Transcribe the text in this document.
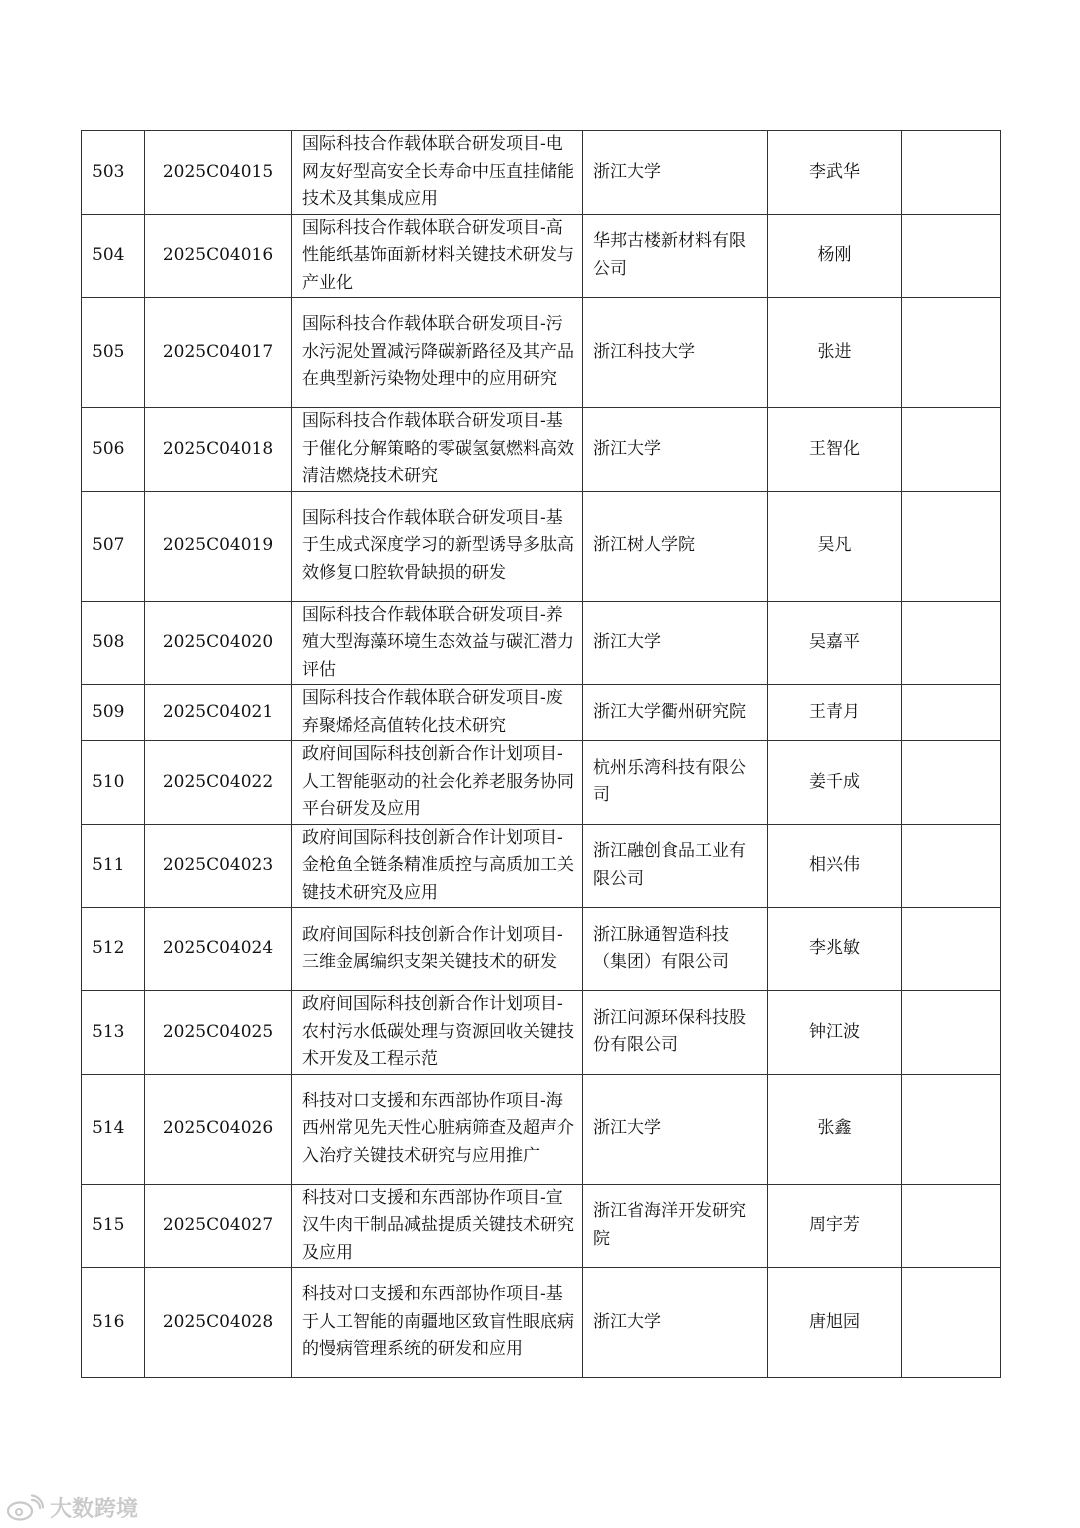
503	2025C04015	国际科技合作载体联合研发项目-电网友好型高安全长寿命中压直挂储能技术及其集成应用	浙江大学	李武华	
504	2025C04016	国际科技合作载体联合研发项目-高性能纸基饰面新材料关键技术研发与产业化	华邦古楼新材料有限公司	杨刚	
505	2025C04017	国际科技合作载体联合研发项目-污水污泥处置减污降碳新路径及其产品在典型新污染物处理中的应用研究	浙江科技大学	张进	
506	2025C04018	国际科技合作载体联合研发项目-基于催化分解策略的零碳氢氨燃料高效清洁燃烧技术研究	浙江大学	王智化	
507	2025C04019	国际科技合作载体联合研发项目-基于生成式深度学习的新型诱导多肽高效修复口腔软骨缺损的研发	浙江树人学院	吴凡	
508	2025C04020	国际科技合作载体联合研发项目-养殖大型海藻环境生态效益与碳汇潜力评估	浙江大学	吴嘉平	
509	2025C04021	国际科技合作载体联合研发项目-废弃聚烯烃高值转化技术研究	浙江大学衢州研究院	王青月	
510	2025C04022	政府间国际科技创新合作计划项目-人工智能驱动的社会化养老服务协同平台研发及应用	杭州乐湾科技有限公司	姜千成	
511	2025C04023	政府间国际科技创新合作计划项目-金枪鱼全链条精准质控与高质加工关键技术研究及应用	浙江融创食品工业有限公司	相兴伟	
512	2025C04024	政府间国际科技创新合作计划项目-三维金属编织支架关键技术的研发	浙江脉通智造科技（集团）有限公司	李兆敏	
513	2025C04025	政府间国际科技创新合作计划项目-农村污水低碳处理与资源回收关键技术开发及工程示范	浙江问源环保科技股份有限公司	钟江波	
514	2025C04026	科技对口支援和东西部协作项目-海西州常见先天性心脏病筛查及超声介入治疗关键技术研究与应用推广	浙江大学	张鑫	
515	2025C04027	科技对口支援和东西部协作项目-宣汉牛肉干制品减盐提质关键技术研究及应用	浙江省海洋开发研究院	周宇芳	
516	2025C04028	科技对口支援和东西部协作项目-基于人工智能的南疆地区致盲性眼底病的慢病管理系统的研发和应用	浙江大学	唐旭园	
大数跨境
